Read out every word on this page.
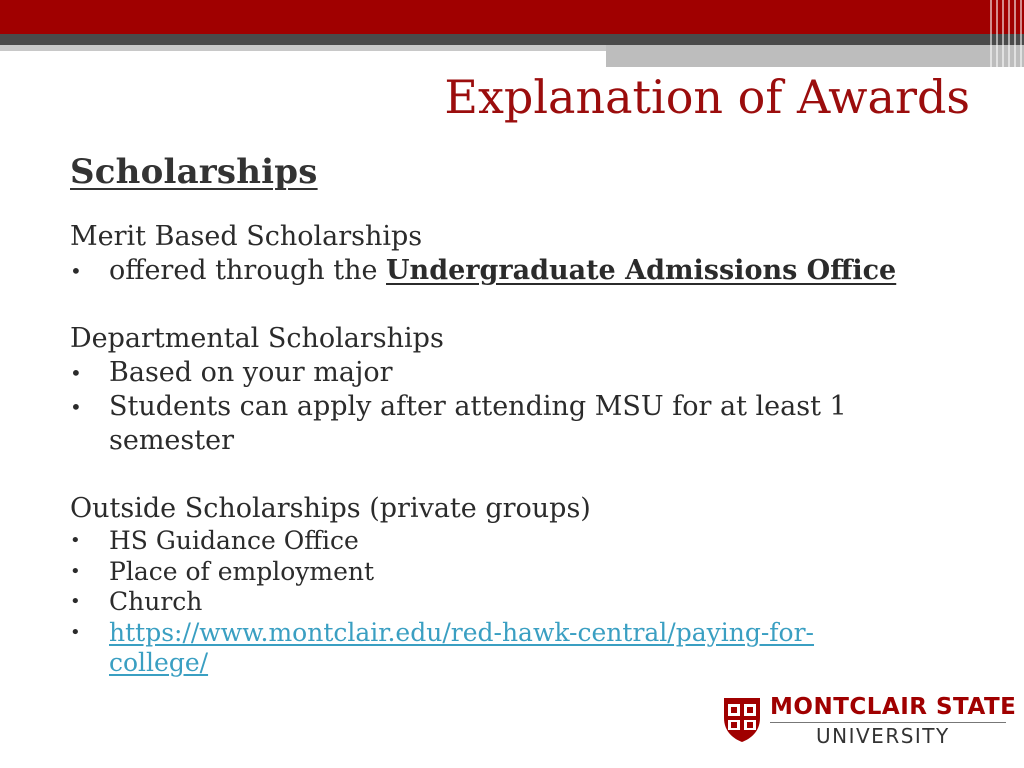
Explanation of Awards
Scholarships

Merit Based Scholarships

• offered through the Undergraduate Admissions Office

Departmental Scholarships

• Based on your major
• Students can apply after attending MSU for at least 1 semester

Outside Scholarships (private groups)

• HS Guidance Office
• Place of employment
• Church
• https://www.montclair.edu/red-hawk-central/paying-for-
college/
MONTCLAIR STATE
UNIVERSITY
